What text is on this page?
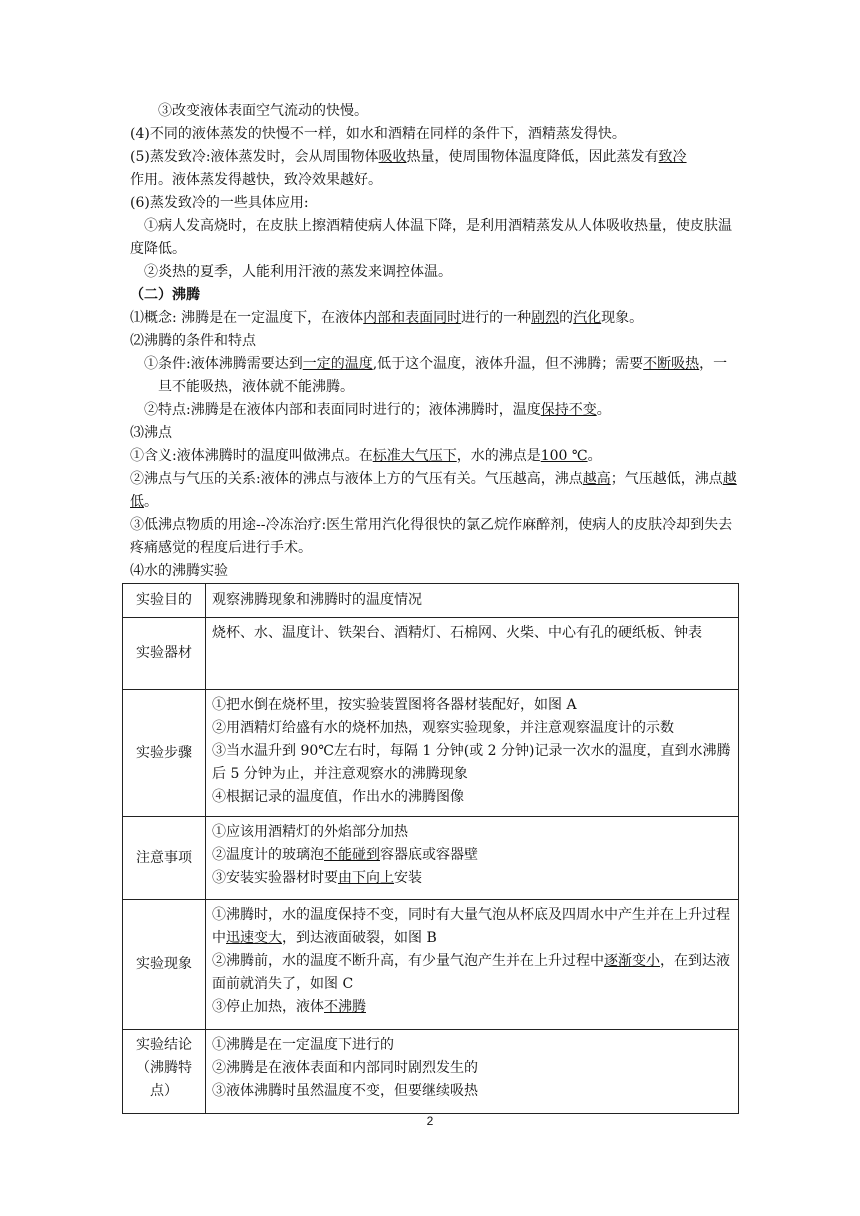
③改变液体表面空气流动的快慢。

(4)不同的液体蒸发的快慢不一样，如水和酒精在同样的条件下，酒精蒸发得快。

(5)蒸发致冷:液体蒸发时，会从周围物体吸收热量，使周围物体温度降低，因此蒸发有致冷

作用。液体蒸发得越快，致冷效果越好。

(6)蒸发致冷的一些具体应用:

①病人发高烧时，在皮肤上擦酒精使病人体温下降，是利用酒精蒸发从人体吸收热量，使皮肤温度降低。

②炎热的夏季，人能利用汗液的蒸发来调控体温。

（二）沸腾

⑴概念: 沸腾是在一定温度下，在液体内部和表面同时进行的一种剧烈的汽化现象。

⑵沸腾的条件和特点

①条件:液体沸腾需要达到一定的温度,低于这个温度，液体升温，但不沸腾；需要不断吸热，一旦不能吸热，液体就不能沸腾。

②特点:沸腾是在液体内部和表面同时进行的；液体沸腾时，温度保持不变。

⑶沸点

①含义:液体沸腾时的温度叫做沸点。在标准大气压下，水的沸点是100 ℃。

②沸点与气压的关系:液体的沸点与液体上方的气压有关。气压越高，沸点越高；气压越低，沸点越低。

③低沸点物质的用途--冷冻治疗:医生常用汽化得很快的氯乙烷作麻醉剂，使病人的皮肤冷却到失去疼痛感觉的程度后进行手术。

⑷水的沸腾实验

实验目的	观察沸腾现象和沸腾时的温度情况
实验器材	烧杯、水、温度计、铁架台、酒精灯、石棉网、火柴、中心有孔的硬纸板、钟表
实验步骤	①把水倒在烧杯里，按实验装置图将各器材装配好，如图 A
②用酒精灯给盛有水的烧杯加热，观察实验现象，并注意观察温度计的示数
③当水温升到 90℃左右时，每隔 1 分钟(或 2 分钟)记录一次水的温度，直到水沸腾后 5 分钟为止，并注意观察水的沸腾现象
④根据记录的温度值，作出水的沸腾图像

注意事项	①应该用酒精灯的外焰部分加热
②温度计的玻璃泡不能碰到容器底或容器壁
③安装实验器材时要由下向上安装

实验现象	①沸腾时，水的温度保持不变，同时有大量气泡从杯底及四周水中产生并在上升过程中迅速变大，到达液面破裂，如图 B
②沸腾前，水的温度不断升高，有少量气泡产生并在上升过程中逐渐变小，在到达液面前就消失了，如图 C
③停止加热，液体不沸腾

实验结论（沸腾特点）	①沸腾是在一定温度下进行的
②沸腾是在液体表面和内部同时剧烈发生的
③液体沸腾时虽然温度不变，但要继续吸热
2
